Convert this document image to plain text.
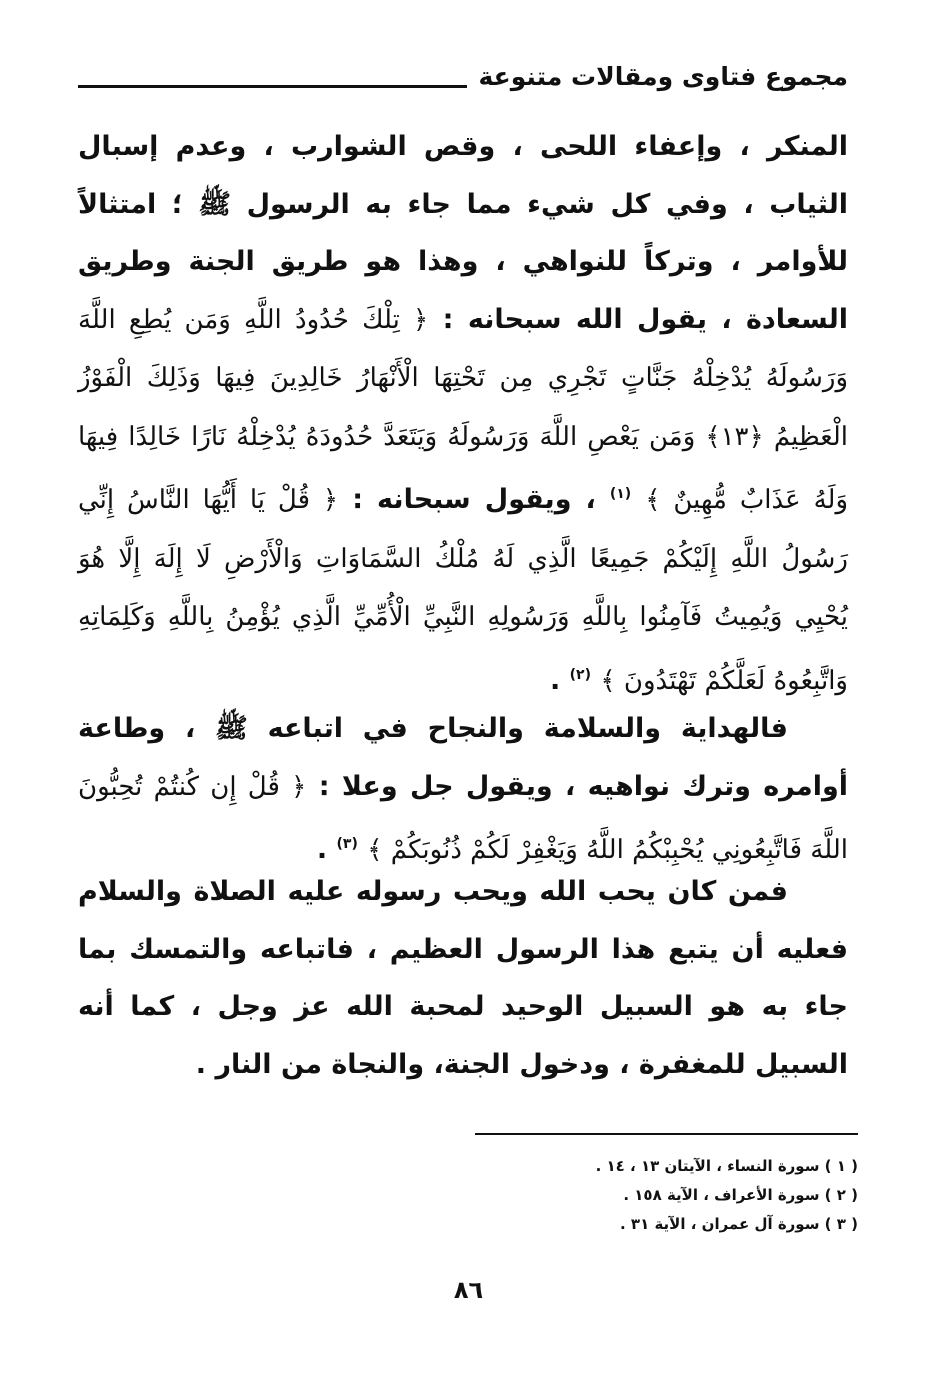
مجموع فتاوى ومقالات متنوعة

المنكر ، وإعفاء اللحى ، وقص الشوارب ، وعدم إسبال الثياب ، وفي كل شيء مما جاء به الرسول ﷺ ؛ امتثالاً للأوامر ، وتركاً للنواهي ، وهذا هو طريق الجنة وطريق السعادة ، يقول الله سبحانه : ﴿ تِلْكَ حُدُودُ اللَّهِ وَمَن يُطِعِ اللَّهَ وَرَسُولَهُ يُدْخِلْهُ جَنَّاتٍ تَجْرِي مِن تَحْتِهَا الْأَنْهَارُ خَالِدِينَ فِيهَا وَذَلِكَ الْفَوْزُ الْعَظِيمُ ﴿١٣﴾ وَمَن يَعْصِ اللَّهَ وَرَسُولَهُ وَيَتَعَدَّ حُدُودَهُ يُدْخِلْهُ نَارًا خَالِدًا فِيهَا وَلَهُ عَذَابٌ مُّهِينٌ ﴾ $^{(١)}$ ، ويقول سبحانه : ﴿ قُلْ يَا أَيُّهَا النَّاسُ إِنِّي رَسُولُ اللَّهِ إِلَيْكُمْ جَمِيعًا الَّذِي لَهُ مُلْكُ السَّمَاوَاتِ وَالْأَرْضِ لَا إِلَهَ إِلَّا هُوَ يُحْيِي وَيُمِيتُ فَآمِنُوا بِاللَّهِ وَرَسُولِهِ النَّبِيِّ الْأُمِّيِّ الَّذِي يُؤْمِنُ بِاللَّهِ وَكَلِمَاتِهِ وَاتَّبِعُوهُ لَعَلَّكُمْ تَهْتَدُونَ ﴾ $^{(٢)}$ .

فالهداية والسلامة والنجاح في اتباعه ﷺ ، وطاعة أوامره وترك نواهيه ، ويقول جل وعلا : ﴿ قُلْ إِن كُنتُمْ تُحِبُّونَ اللَّهَ فَاتَّبِعُونِي يُحْبِبْكُمُ اللَّهُ وَيَغْفِرْ لَكُمْ ذُنُوبَكُمْ ﴾ $^{(٣)}$ .

فمن كان يحب الله ويحب رسوله عليه الصلاة والسلام فعليه أن يتبع هذا الرسول العظيم ، فاتباعه والتمسك بما جاء به هو السبيل الوحيد لمحبة الله عز وجل ، كما أنه السبيل للمغفرة ، ودخول الجنة، والنجاة من النار .

( ١ ) سورة النساء ، الآيتان ١٣ ، ١٤ .

( ٢ ) سورة الأعراف ، الآية ١٥٨ .

( ٣ ) سورة آل عمران ، الآية ٣١ .

٨٦
